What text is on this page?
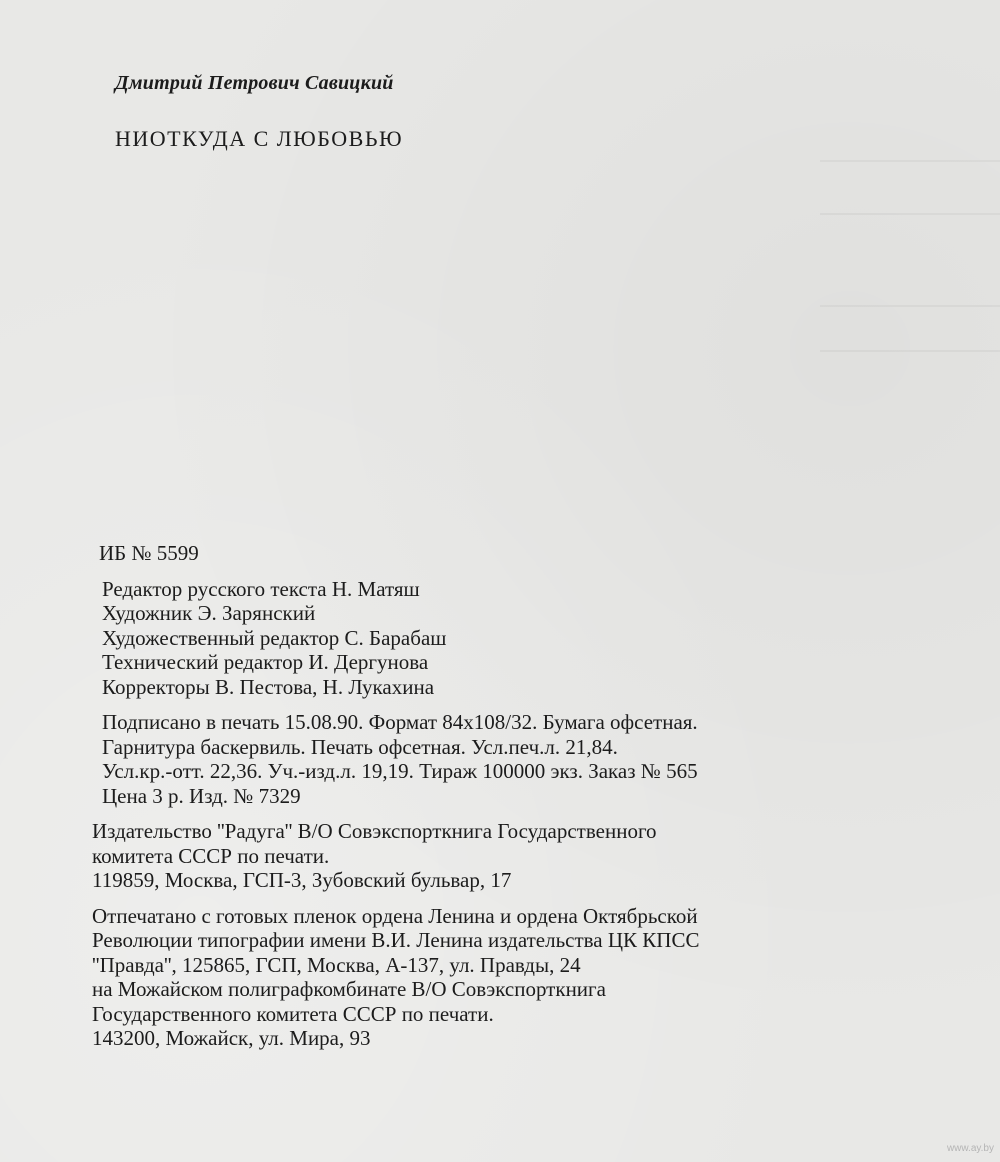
Дмитрий Петрович Савицкий
НИОТКУДА С ЛЮБОВЬЮ
ИБ № 5599
Редактор русского текста Н. Матяш
Художник Э. Зарянский
Художественный редактор С. Барабаш
Технический редактор И. Дергунова
Корректоры В. Пестова, Н. Лукахина
Подписано в печать 15.08.90. Формат 84x108/32. Бумага офсетная.
Гарнитура баскервиль. Печать офсетная. Усл.печ.л. 21,84.
Усл.кр.-отт. 22,36. Уч.-изд.л. 19,19. Тираж 100000 экз. Заказ № 565
Цена 3 р. Изд. № 7329
Издательство ''Радуга'' В/О Совэкспорткнига Государственного
комитета СССР по печати.
119859, Москва, ГСП-3, Зубовский бульвар, 17
Отпечатано с готовых пленок ордена Ленина и ордена Октябрьской
Революции типографии имени В.И. Ленина издательства ЦК КПСС
''Правда'', 125865, ГСП, Москва, А-137, ул. Правды, 24
на Можайском полиграфкомбинате В/О Совэкспорткнига
Государственного комитета СССР по печати.
143200, Можайск, ул. Мира, 93
www.ay.by
